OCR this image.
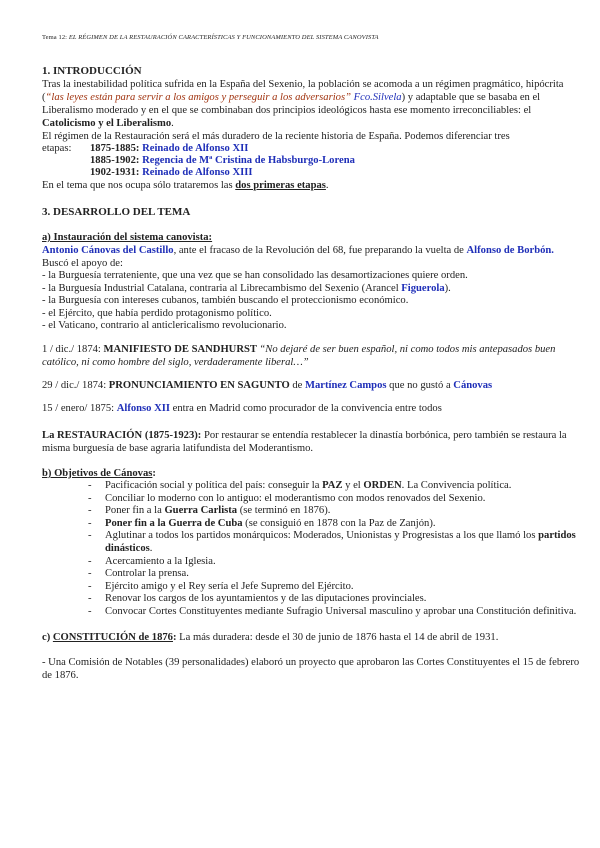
Tema 12: EL RÉGIMEN DE LA RESTAURACIÓN CARACTERÍSTICAS Y FUNCIONAMIENTO DEL SISTEMA CANOVISTA
1. INTRODUCCIÓN

Tras la inestabilidad política sufrida en la España del Sexenio, la población se acomoda a un régimen pragmático, hipócrita (“las leyes están para servir a los amigos y perseguir a los adversarios” Fco.Silvela) y adaptable que se basaba en el Liberalismo moderado y en el que se combinaban dos principios ideológicos hasta ese momento irreconciliables: el Catolicismo y el Liberalismo.

El régimen de la Restauración será el más duradero de la reciente historia de España. Podemos diferenciar tres

etapas:	1875-1885: Reinado de Alfonso XII
1885-1902: Regencia de Mª Cristina de Habsburgo-Lorena
1902-1931: Reinado de Alfonso XIII

En el tema que nos ocupa sólo trataremos las dos primeras etapas.

3. DESARROLLO DEL TEMA

a) Instauración del sistema canovista:

Antonio Cánovas del Castillo, ante el fracaso de la Revolución del 68, fue preparando la vuelta de Alfonso de Borbón. Buscó el apoyo de:

- la Burguesía terrateniente, que una vez que se han consolidado las desamortizaciones quiere orden.
- la Burguesía Industrial Catalana, contraria al Librecambismo del Sexenio (Arancel Figuerola).
- la Burguesía con intereses cubanos, también buscando el proteccionismo económico.
- el Ejército, que había perdido protagonismo político.
- el Vaticano, contrario al anticlericalismo revolucionario.

1 / dic./ 1874: MANIFIESTO DE SANDHURST “No dejaré de ser buen español, ni como todos mis antepasados buen católico, ni como hombre del siglo, verdaderamente liberal…”

29 / dic./ 1874: PRONUNCIAMIENTO EN SAGUNTO de Martínez Campos que no gustó a Cánovas

15 / enero/ 1875: Alfonso XII entra en Madrid como procurador de la convivencia entre todos

La RESTAURACIÓN (1875-1923): Por restaurar se entendía restablecer la dinastía borbónica, pero también se restaura la misma burguesía de base agraria latifundista del Moderantismo.

b) Objetivos de Cánovas:

- Pacificación social y política del país: conseguir la PAZ y el ORDEN. La Convivencia política.
- Conciliar lo moderno con lo antiguo: el moderantismo con modos renovados del Sexenio.
- Poner fin a la Guerra Carlista (se terminó en 1876).
- Poner fin a la Guerra de Cuba (se consiguió en 1878 con la Paz de Zanjón).
- Aglutinar a todos los partidos monárquicos: Moderados, Unionistas y Progresistas a los que llamó los partidos dinásticos.
- Acercamiento a la Iglesia.
- Controlar la prensa.
- Ejército amigo y el Rey sería el Jefe Supremo del Ejército.
- Renovar los cargos de los ayuntamientos y de las diputaciones provinciales.
- Convocar Cortes Constituyentes mediante Sufragio Universal masculino y aprobar una Constitución definitiva.

c) CONSTITUCIÓN de 1876: La más duradera: desde el 30 de junio de 1876 hasta el 14 de abril de 1931.

- Una Comisión de Notables (39 personalidades) elaboró un proyecto que aprobaron las Cortes Constituyentes el 15 de febrero de 1876.
